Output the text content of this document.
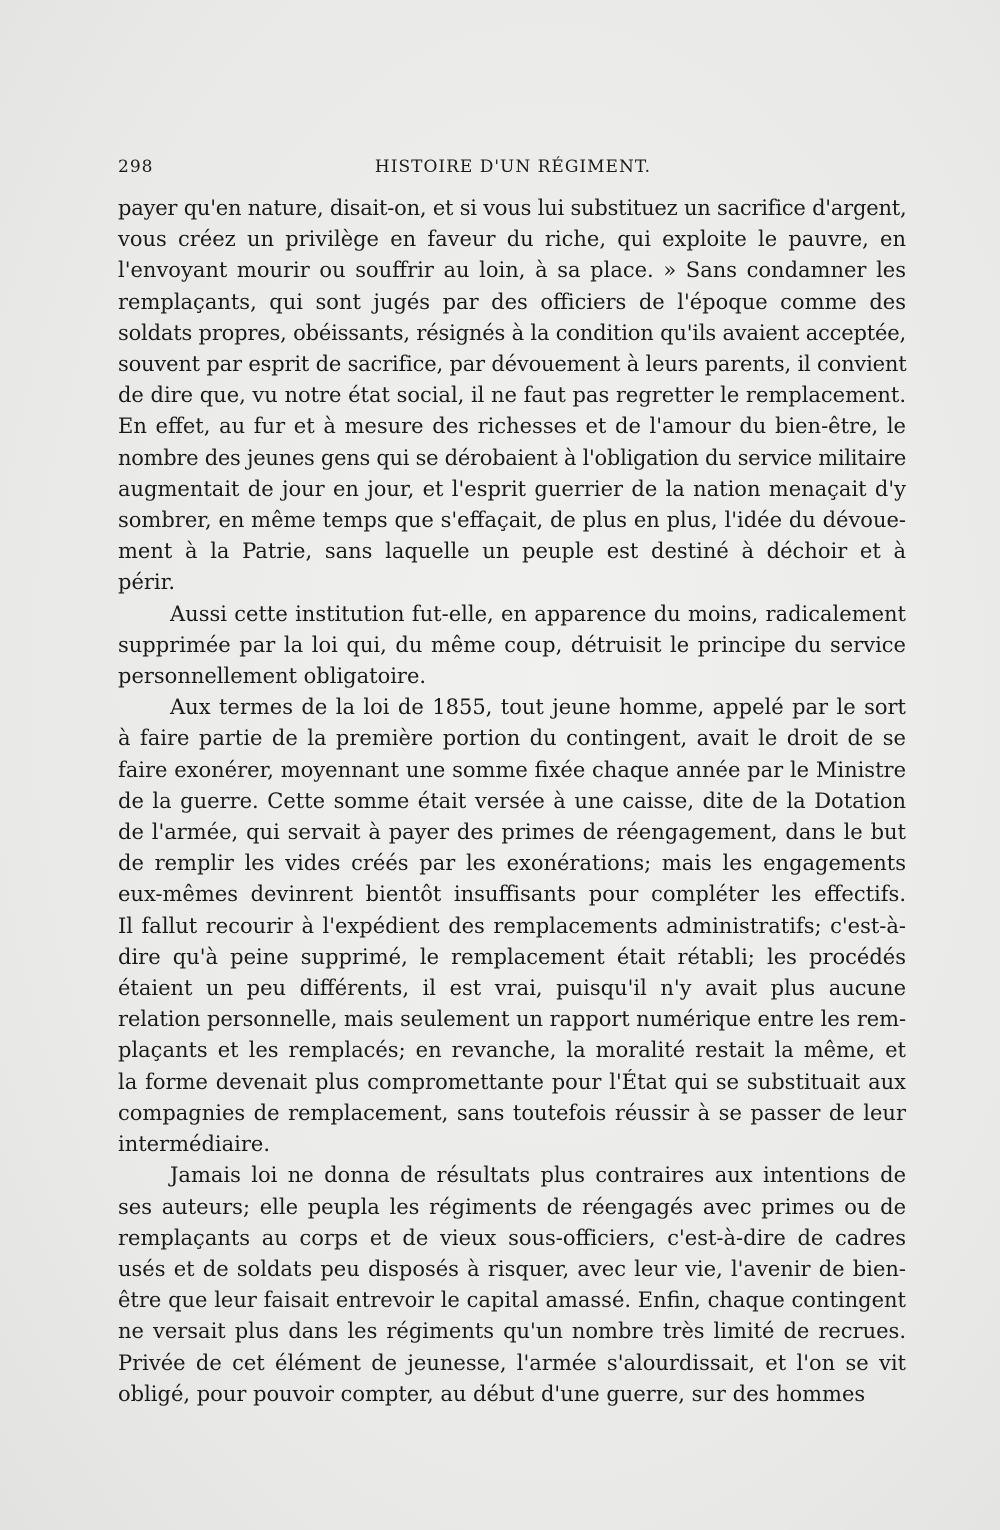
298	HISTOIRE D'UN RÉGIMENT.

payer qu'en nature, disait-on, et si vous lui substituez un sacrifice d'argent,
vous créez un privilège en faveur du riche, qui exploite le pauvre, en
l'envoyant mourir ou souffrir au loin, à sa place. » Sans condamner les
remplaçants, qui sont jugés par des officiers de l'époque comme des
soldats propres, obéissants, résignés à la condition qu'ils avaient acceptée,
souvent par esprit de sacrifice, par dévouement à leurs parents, il convient
de dire que, vu notre état social, il ne faut pas regretter le remplacement.
En effet, au fur et à mesure des richesses et de l'amour du bien-être, le
nombre des jeunes gens qui se dérobaient à l'obligation du service militaire
augmentait de jour en jour, et l'esprit guerrier de la nation menaçait d'y
sombrer, en même temps que s'effaçait, de plus en plus, l'idée du dévoue-
ment à la Patrie, sans laquelle un peuple est destiné à déchoir et à
périr.

Aussi cette institution fut-elle, en apparence du moins, radicalement
supprimée par la loi qui, du même coup, détruisit le principe du service
personnellement obligatoire.

Aux termes de la loi de 1855, tout jeune homme, appelé par le sort
à faire partie de la première portion du contingent, avait le droit de se
faire exonérer, moyennant une somme fixée chaque année par le Ministre
de la guerre. Cette somme était versée à une caisse, dite de la Dotation
de l'armée, qui servait à payer des primes de réengagement, dans le but
de remplir les vides créés par les exonérations; mais les engagements
eux-mêmes devinrent bientôt insuffisants pour compléter les effectifs.
Il fallut recourir à l'expédient des remplacements administratifs; c'est-à-
dire qu'à peine supprimé, le remplacement était rétabli; les procédés
étaient un peu différents, il est vrai, puisqu'il n'y avait plus aucune
relation personnelle, mais seulement un rapport numérique entre les rem-
plaçants et les remplacés; en revanche, la moralité restait la même, et
la forme devenait plus compromettante pour l'État qui se substituait aux
compagnies de remplacement, sans toutefois réussir à se passer de leur
intermédiaire.

Jamais loi ne donna de résultats plus contraires aux intentions de
ses auteurs; elle peupla les régiments de réengagés avec primes ou de
remplaçants au corps et de vieux sous-officiers, c'est-à-dire de cadres
usés et de soldats peu disposés à risquer, avec leur vie, l'avenir de bien-
être que leur faisait entrevoir le capital amassé. Enfin, chaque contingent
ne versait plus dans les régiments qu'un nombre très limité de recrues.
Privée de cet élément de jeunesse, l'armée s'alourdissait, et l'on se vit
obligé, pour pouvoir compter, au début d'une guerre, sur des hommes
